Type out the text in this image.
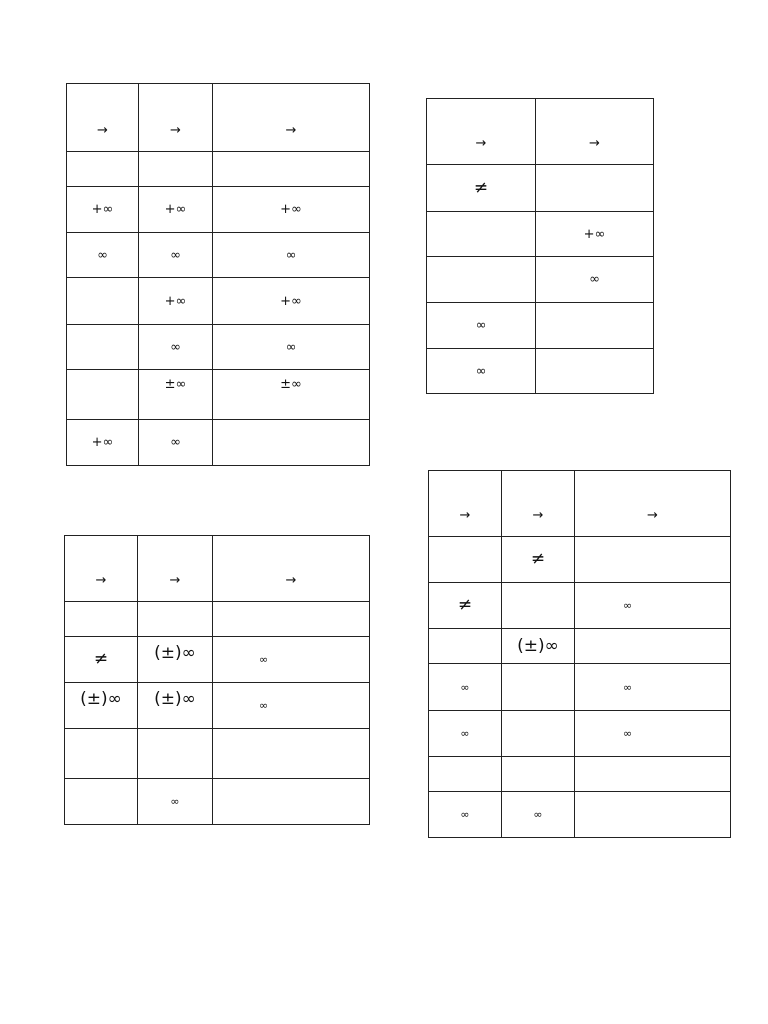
→	→	→

+∞	+∞	+∞
∞	∞	∞
	+∞	+∞
	∞	∞
	±∞	±∞
+∞	∞	
→	→
≠	
	+∞
	∞
∞	
∞	
→	→	→

≠	(±)∞	∞
(±)∞	(±)∞	∞

	∞	
→	→	→
	≠	
≠		∞
	(±)∞	
∞		∞
∞		∞

∞	∞	
